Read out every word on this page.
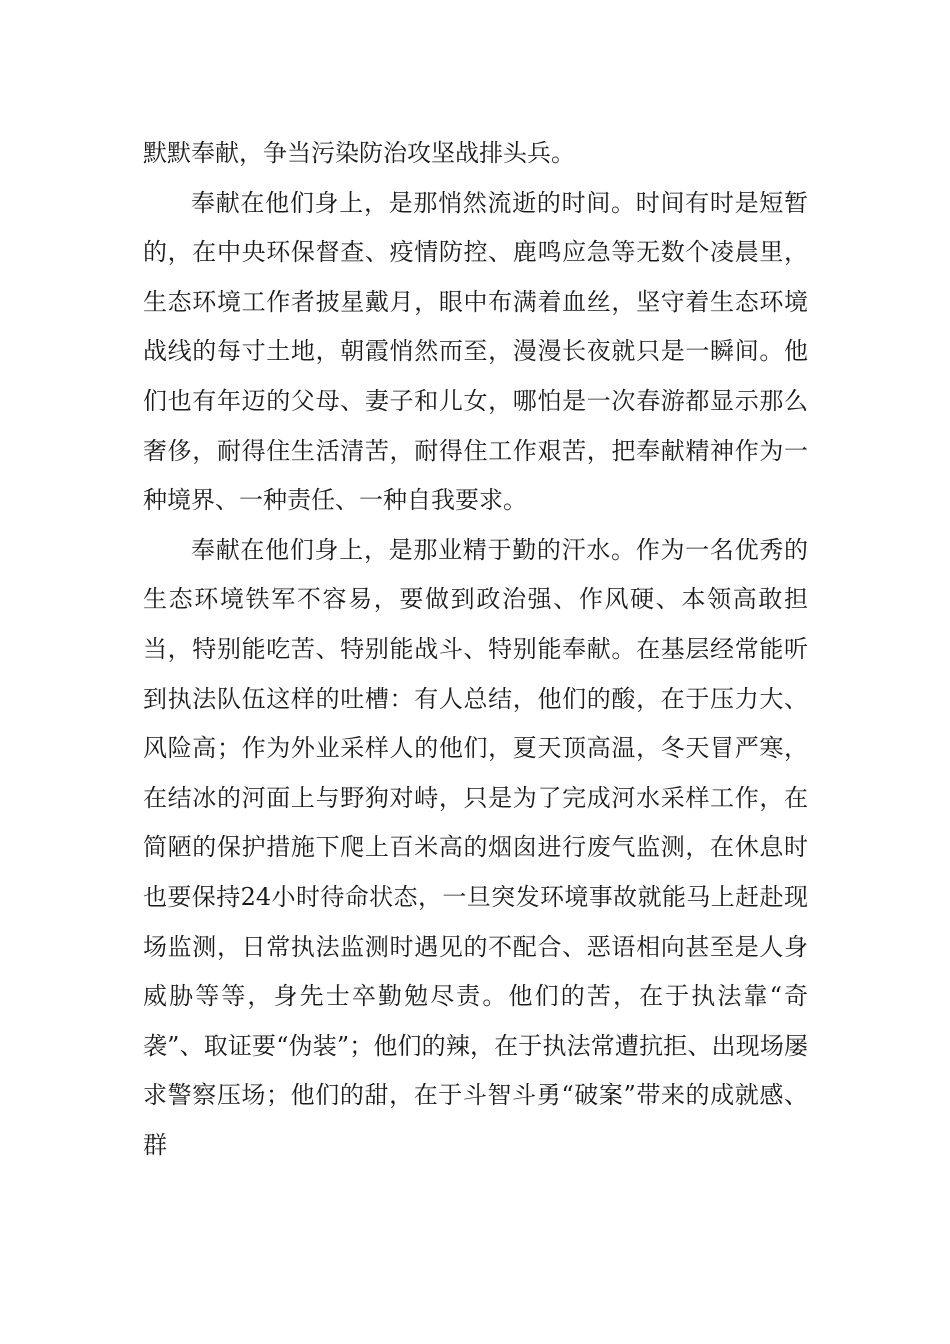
默默奉献，争当污染防治攻坚战排头兵。

奉献在他们身上，是那悄然流逝的时间。时间有时是短暂的，在中央环保督查、疫情防控、鹿鸣应急等无数个凌晨里，生态环境工作者披星戴月，眼中布满着血丝，坚守着生态环境战线的每寸土地，朝霞悄然而至，漫漫长夜就只是一瞬间。他们也有年迈的父母、妻子和儿女，哪怕是一次春游都显示那么奢侈，耐得住生活清苦，耐得住工作艰苦，把奉献精神作为一种境界、一种责任、一种自我要求。

奉献在他们身上，是那业精于勤的汗水。作为一名优秀的生态环境铁军不容易，要做到政治强、作风硬、本领高敢担当，特别能吃苦、特别能战斗、特别能奉献。在基层经常能听到执法队伍这样的吐槽：有人总结，他们的酸，在于压力大、风险高；作为外业采样人的他们，夏天顶高温，冬天冒严寒，在结冰的河面上与野狗对峙，只是为了完成河水采样工作，在简陋的保护措施下爬上百米高的烟囱进行废气监测，在休息时也要保持24小时待命状态，一旦突发环境事故就能马上赶赴现场监测，日常执法监测时遇见的不配合、恶语相向甚至是人身威胁等等，身先士卒勤勉尽责。他们的苦，在于执法靠“奇袭”、取证要“伪装”；他们的辣，在于执法常遭抗拒、出现场屡求警察压场；他们的甜，在于斗智斗勇“破案”带来的成就感、群
